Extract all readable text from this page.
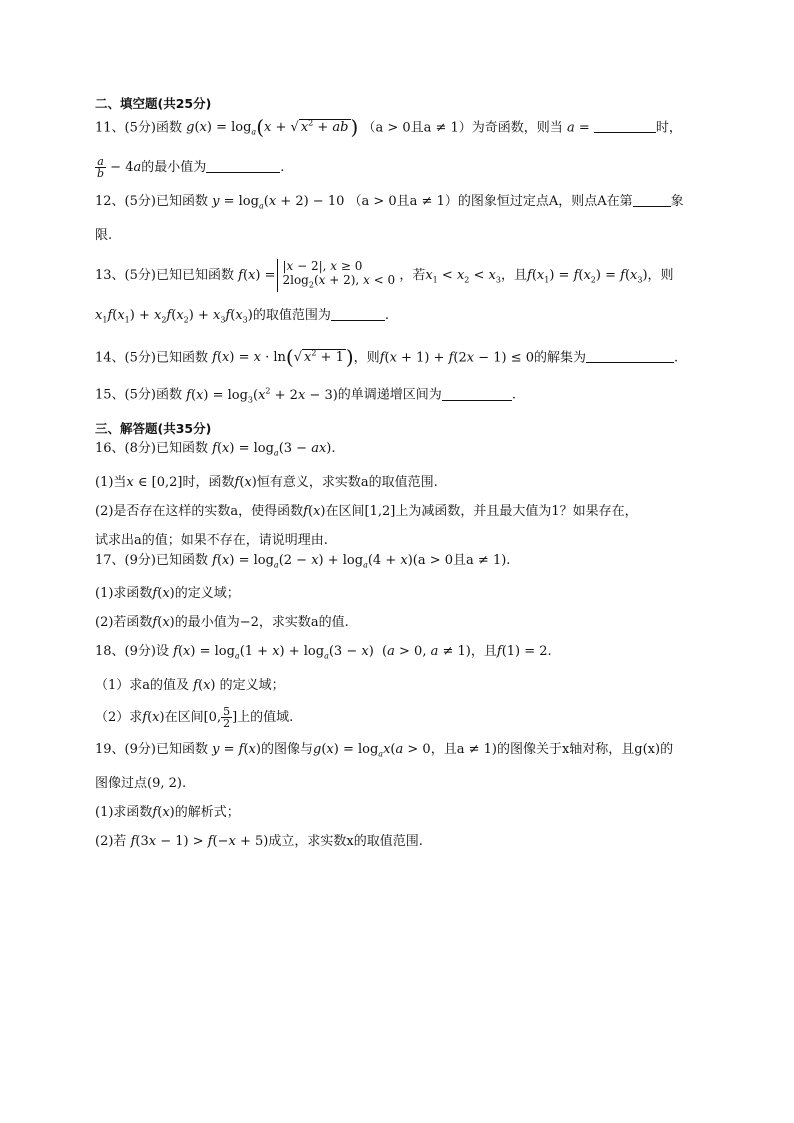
二、填空题(共25分)
11、(5分)函数 $g(x) = \log_a(x$ + √ $x^2$ + ab ) （a > 0且a ≠ 1）为奇函数，则当 a =	时，
$\frac{a}{b} - 4a$的最小值为	.
12、(5分)已知函数 $y = \log_a(x + 2) - 10$ （a > 0且a ≠ 1）的图象恒过定点A，则点A在第	象
限.
13、(5分)已知已知函数 f(x) =|x − 2|, x ≥ 0
$2\log_2(x + 2)$, x < 0 ，若$x_1 < x_2 < x_3$，且$f(x_1) = f(x_2) = f(x_3)$，则
$x_1f(x_1) + x_2f(x_2) + x_3f(x_3)$的取值范围为	.
14、(5分)已知函数 f(x) = x · ln(√ $x^2 + 1$ )，则f(x + 1) + f(2x − 1) ≤ 0的解集为	.
15、(5分)函数 $f(x) = \log_3(x^2 + 2x - 3)$的单调递增区间为	.
三、解答题(共35分)
16、(8分)已知函数 $f(x) = \log_a(3 - ax)$.
(1)当x ∈ [0,2]时，函数f(x)恒有意义，求实数a的取值范围.
(2)是否存在这样的实数a，使得函数f(x)在区间[1,2]上为减函数，并且最大值为1？如果存在，
试求出a的值；如果不存在，请说明理由.
17、(9分)已知函数 $f(x) = \log_a(2 - x) + \log_a(4 + x)(a > 0$且a ≠ 1).
(1)求函数f(x)的定义域；
(2)若函数f(x)的最小值为−2，求实数a的值.
18、(9分)设 $f(x) = \log_a(1 + x) + \log_a(3 - x) (a > 0$, a ≠ 1)，且f(1) = 2.
（1）求a的值及 f(x) 的定义域；
（2）求f(x)在区间[0, $\frac{5}{2}$ ]上的值域.
19、(9分)已知函数 y = f(x)的图像与$g(x) = \log_ax(a > 0$，且a ≠ 1)的图像关于x轴对称，且g(x)的
图像过点(9, 2).
(1)求函数f(x)的解析式；
(2)若 f(3x − 1) > f(−x + 5)成立，求实数x的取值范围.
